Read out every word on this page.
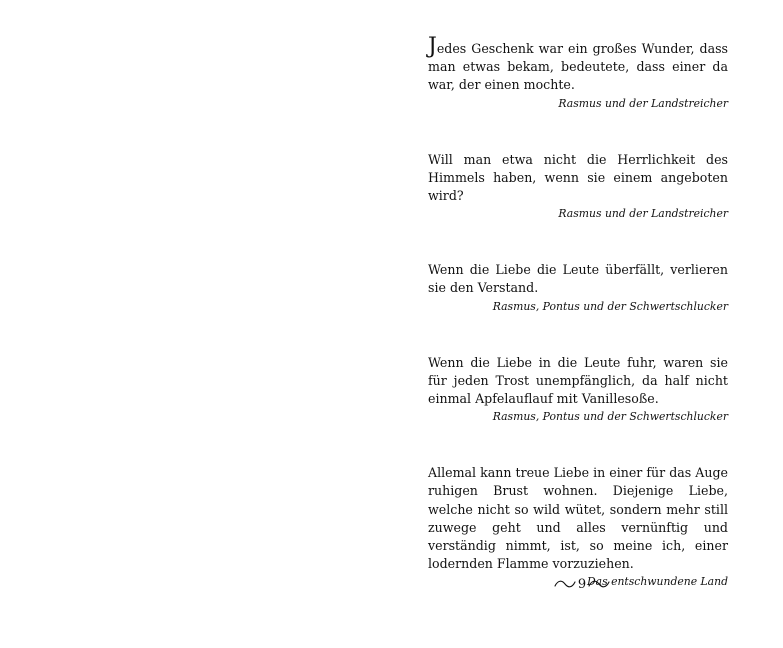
Jedes Geschenk war ein großes Wunder, dass man etwas bekam, bedeutete, dass einer da war, der einen mochte.

Rasmus und der Landstreicher

Will man etwa nicht die Herrlichkeit des Himmels haben, wenn sie einem angeboten wird?

Rasmus und der Landstreicher

Wenn die Liebe die Leute überfällt, verlieren sie den Verstand.

Rasmus, Pontus und der Schwertschlucker

Wenn die Liebe in die Leute fuhr, waren sie für jeden Trost unempfänglich, da half nicht einmal Apfelauflauf mit Vanillesoße.

Rasmus, Pontus und der Schwertschlucker

Allemal kann treue Liebe in einer für das Auge ruhigen Brust wohnen. Diejenige Liebe, welche nicht so wild wütet, sondern mehr still zuwege geht und alles vernünftig und verständig nimmt, ist, so meine ich, einer lodernden Flamme vorzuziehen.

Das entschwundene Land

9
